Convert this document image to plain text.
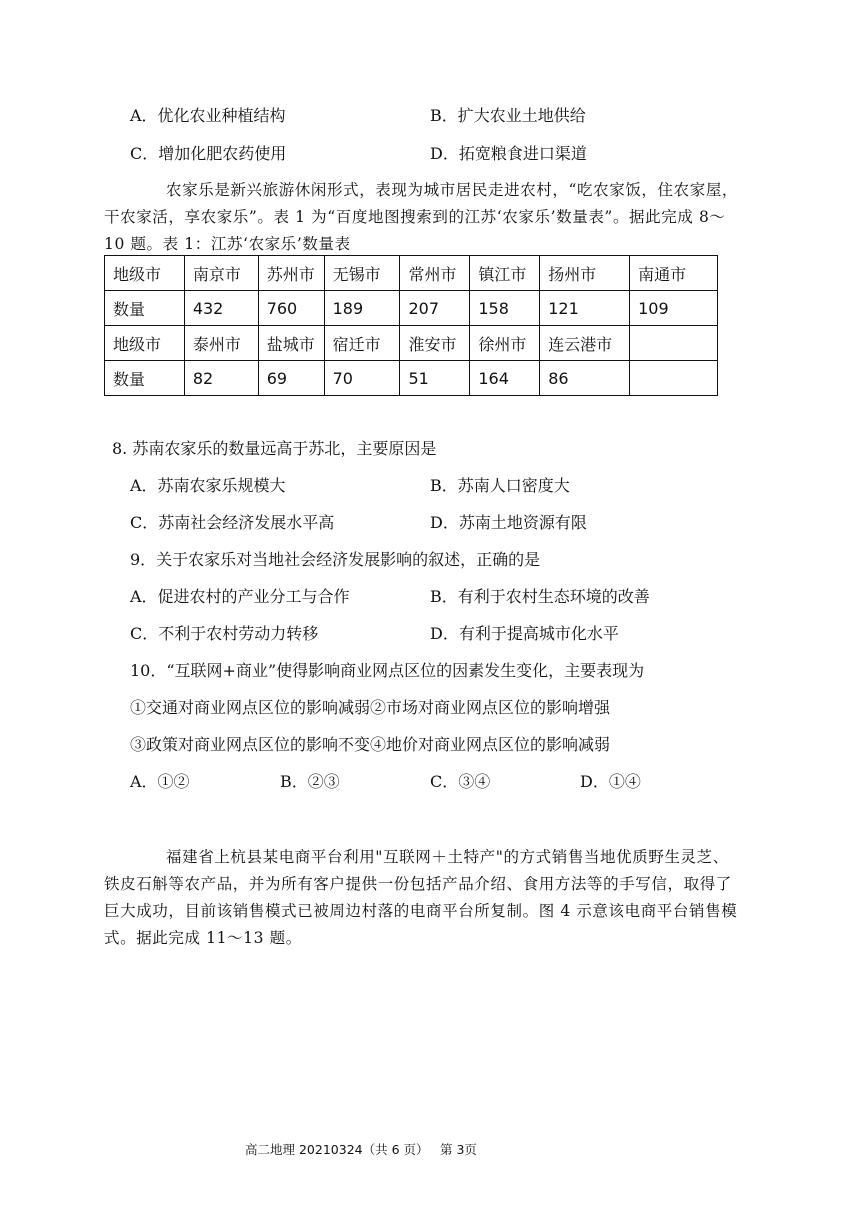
A．优化农业种植结构	B．扩大农业土地供给
C．增加化肥农药使用	D．拓宽粮食进口渠道
农家乐是新兴旅游休闲形式，表现为城市居民走进农村，“吃农家饭，住农家屋，干农家活，享农家乐”。表 1 为“百度地图搜索到的江苏‘农家乐’数量表”。据此完成 8～10 题。表 1：江苏‘农家乐’数量表
地级市	南京市	苏州市	无锡市	常州市	镇江市	扬州市	南通市
数量	432	760	189	207	158	121	109
地级市	泰州市	盐城市	宿迁市	淮安市	徐州市	连云港市	
数量	82	69	70	51	164	86	
8. 苏南农家乐的数量远高于苏北，主要原因是
A．苏南农家乐规模大	B．苏南人口密度大
C．苏南社会经济发展水平高	D．苏南土地资源有限
9．关于农家乐对当地社会经济发展影响的叙述，正确的是
A．促进农村的产业分工与合作	B．有利于农村生态环境的改善
C．不利于农村劳动力转移	D．有利于提高城市化水平
10．“互联网+商业”使得影响商业网点区位的因素发生变化，主要表现为
①交通对商业网点区位的影响减弱②市场对商业网点区位的影响增强
③政策对商业网点区位的影响不变④地价对商业网点区位的影响减弱
A．①②	B．②③	C．③④	D．①④
福建省上杭县某电商平台利用"互联网＋土特产"的方式销售当地优质野生灵芝、铁皮石斛等农产品，并为所有客户提供一份包括产品介绍、食用方法等的手写信，取得了巨大成功，目前该销售模式已被周边村落的电商平台所复制。图 4 示意该电商平台销售模式。据此完成 11～13 题。
高二地理 20210324（共 6 页） 第 3页
